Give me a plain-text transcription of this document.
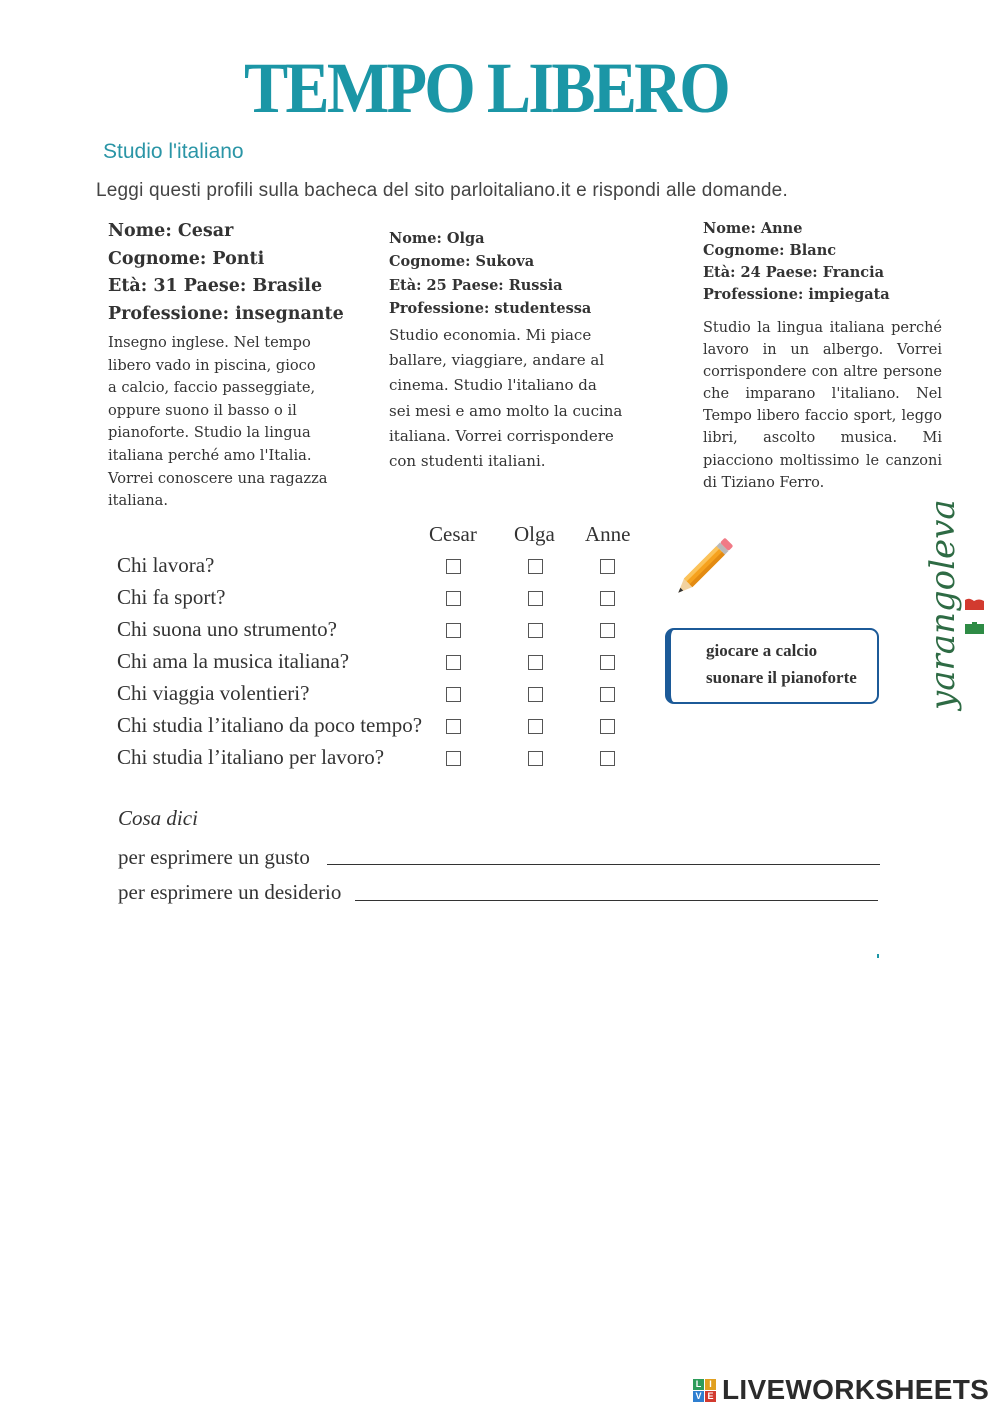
TEMPO LIBERO
Studio l'italiano
Leggi questi profili sulla bacheca del sito parloitaliano.it e rispondi alle domande.
Nome: Cesar
Cognome: Ponti
Età: 31 Paese: Brasile
Professione: insegnante
Insegno inglese. Nel tempo
libero vado in piscina, gioco
a calcio, faccio passeggiate,
oppure suono il basso o il
pianoforte. Studio la lingua
italiana perché amo l'Italia.
Vorrei conoscere una ragazza
italiana.
Nome: Olga
Cognome: Sukova
Età: 25 Paese: Russia
Professione: studentessa
Studio economia. Mi piace
ballare, viaggiare, andare al
cinema. Studio l'italiano da
sei mesi e amo molto la cucina
italiana. Vorrei corrispondere
con studenti italiani.
Nome: Anne
Cognome: Blanc
Età: 24 Paese: Francia
Professione: impiegata
Studio la lingua italiana perché lavoro in un albergo. Vorrei corrispondere con altre persone che imparano l'italiano. Nel Tempo libero faccio sport, leggo libri, ascolto musica. Mi piacciono moltissimo le canzoni di Tiziano Ferro.
Cesar Olga Anne
Chi lavora?
Chi fa sport?
Chi suona uno strumento?
Chi ama la musica italiana?
Chi viaggia volentieri?
Chi studia l’italiano da poco tempo?
Chi studia l’italiano per lavoro?
giocare a calcio
suonare il pianoforte
Cosa dici
per esprimere un gusto
per esprimere un desiderio
yarangoleva
L I
V E LIVEWORKSHEETS
